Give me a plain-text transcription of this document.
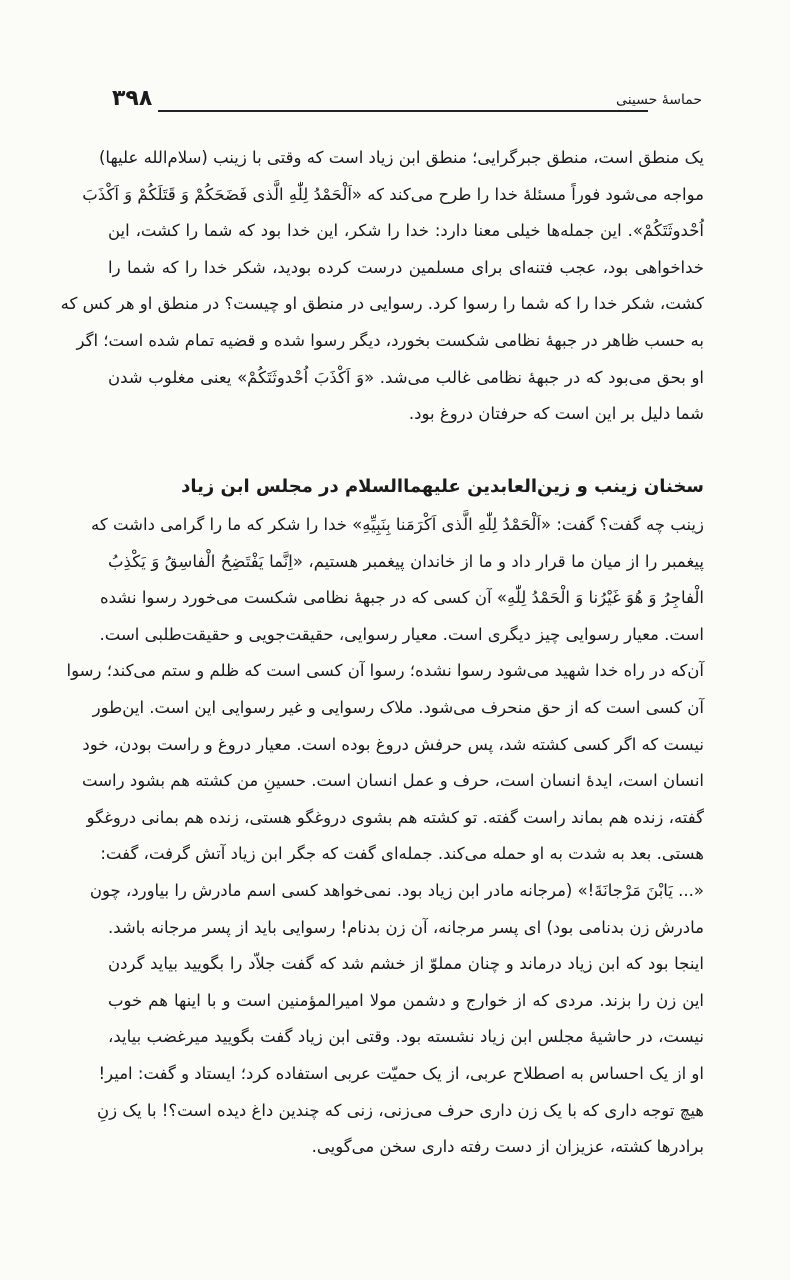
۳۹۸	حماسهٔ حسینی
یک منطق است، منطق جبرگرایی؛ منطق ابن زیاد است که وقتی با زینب (سلام‌الله علیها)
مواجه می‌شود فوراً مسئلهٔ خدا را طرح می‌کند که «اَلْحَمْدُ لِلّٰهِ الَّذی فَضَحَکُمْ وَ قَتَلَکُمْ وَ اَکْذَبَ
اُحْدوثَتَکُمْ». این جمله‌ها خیلی معنا دارد: خدا را شکر، این خدا بود که شما را کشت، این
خداخواهی بود، عجب فتنه‌ای برای مسلمین درست کرده بودید، شکر خدا را که شما را
کشت، شکر خدا را که شما را رسوا کرد. رسوایی در منطق او چیست؟ در منطق او هر کس که
به حسب ظاهر در جبههٔ نظامی شکست بخورد، دیگر رسوا شده و قضیه تمام شده است؛ اگر
او بحق می‌بود که در جبههٔ نظامی غالب می‌شد. «وَ اَکْذَبَ اُحْدوثَتَکُمْ» یعنی مغلوب شدن
شما دلیل بر این است که حرفتان دروغ بود.
سخنان زینب و زین‌العابدین علیهما‌السلام در مجلس ابن زیاد
زینب چه گفت؟ گفت: «اَلْحَمْدُ لِلّٰهِ الَّذی اَکْرَمَنا بِنَبِیِّهِ» خدا را شکر که ما را گرامی داشت که
پیغمبر را از میان ما قرار داد و ما از خاندان پیغمبر هستیم، «اِنَّما یَفْتَضِحُ الْفاسِقُ وَ یَکْذِبُ
الْفاجِرُ وَ هُوَ غَیْرُنا وَ الْحَمْدُ لِلّٰهِ» آن کسی که در جبههٔ نظامی شکست می‌خورد رسوا نشده
است. معیار رسوایی چیز دیگری است. معیار رسوایی، حقیقت‌جویی و حقیقت‌طلبی است.
آن‌که در راه خدا شهید می‌شود رسوا نشده؛ رسوا آن کسی است که ظلم و ستم می‌کند؛ رسوا
آن کسی است که از حق منحرف می‌شود. ملاک رسوایی و غیر رسوایی این است. این‌طور
نیست که اگر کسی کشته شد، پس حرفش دروغ بوده است. معیار دروغ و راست بودن، خود
انسان است، ایدهٔ انسان است، حرف و عمل انسان است. حسینِ من کشته هم بشود راست
گفته، زنده هم بماند راست گفته. تو کشته هم بشوی دروغگو هستی، زنده هم بمانی دروغگو
هستی. بعد به شدت به او حمله می‌کند. جمله‌ای گفت که جگر ابن زیاد آتش گرفت، گفت:
«... یَابْنَ مَرْجانَةَ!» (مرجانه مادر ابن زیاد بود. نمی‌خواهد کسی اسم مادرش را بیاورد، چون
مادرش زن بدنامی بود) ای پسر مرجانه، آن زن بدنام! رسوایی باید از پسر مرجانه باشد.
اینجا بود که ابن زیاد درماند و چنان مملوّ از خشم شد که گفت جلاّد را بگویید بیاید گردن
این زن را بزند. مردی که از خوارج و دشمن مولا امیرالمؤمنین است و با اینها هم خوب
نیست، در حاشیهٔ مجلس ابن زیاد نشسته بود. وقتی ابن زیاد گفت بگویید میرغضب بیاید،
او از یک احساس به اصطلاح عربی، از یک حمیّت عربی استفاده کرد؛ ایستاد و گفت: امیر!
هیچ توجه داری که با یک زن داری حرف می‌زنی، زنی که چندین داغ دیده است؟! با یک زنِ
برادرها کشته، عزیزان از دست رفته داری سخن می‌گویی.
